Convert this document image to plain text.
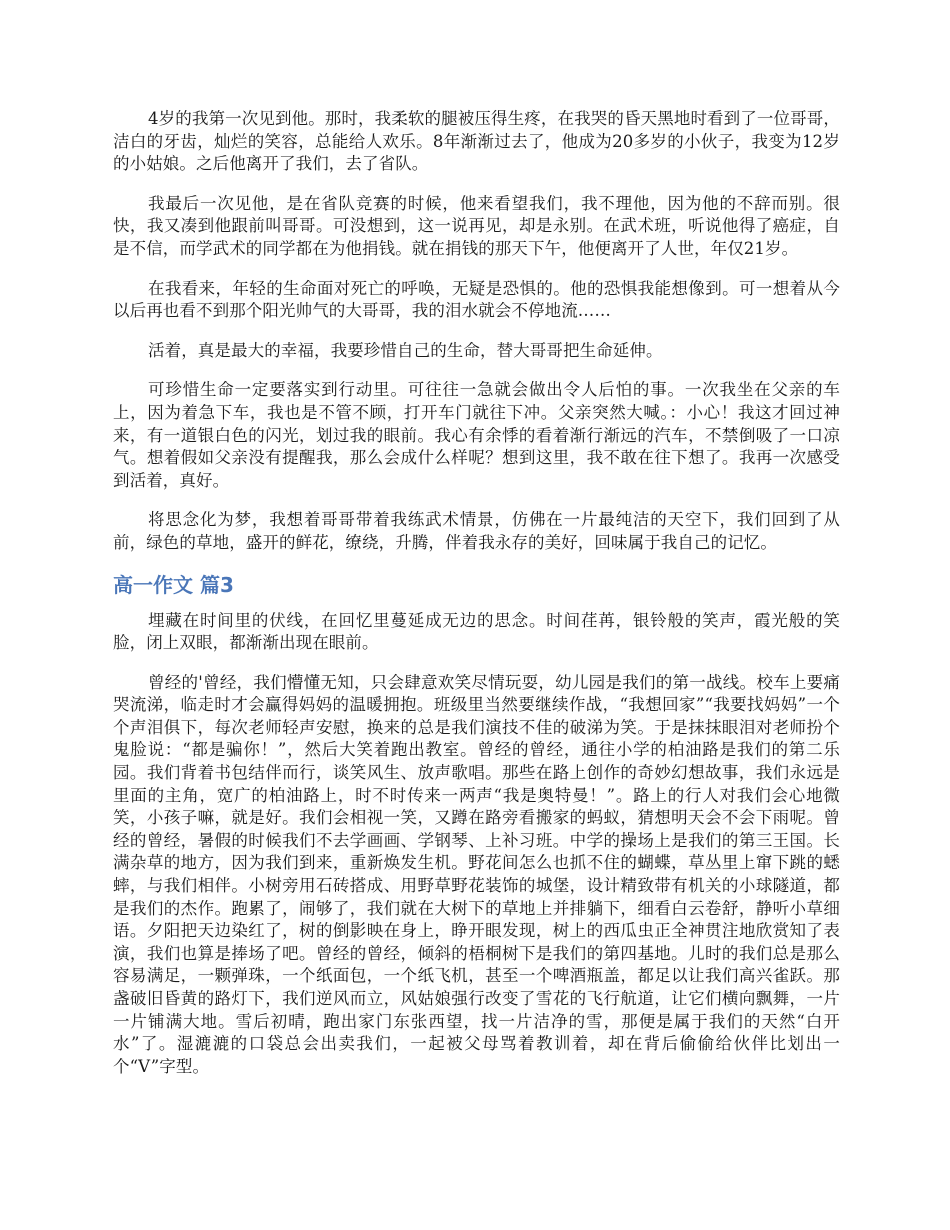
4岁的我第一次见到他。那时，我柔软的腿被压得生疼，在我哭的昏天黑地时看到了一位哥哥，洁白的牙齿，灿烂的笑容，总能给人欢乐。8年渐渐过去了，他成为20多岁的小伙子，我变为12岁的小姑娘。之后他离开了我们，去了省队。

我最后一次见他，是在省队竞赛的时候，他来看望我们，我不理他，因为他的不辞而别。很快，我又凑到他跟前叫哥哥。可没想到，这一说再见，却是永别。在武术班，听说他得了癌症，自是不信，而学武术的同学都在为他捐钱。就在捐钱的那天下午，他便离开了人世，年仅21岁。

在我看来，年轻的生命面对死亡的呼唤，无疑是恐惧的。他的恐惧我能想像到。可一想着从今以后再也看不到那个阳光帅气的大哥哥，我的泪水就会不停地流……

活着，真是最大的幸福，我要珍惜自己的生命，替大哥哥把生命延伸。

可珍惜生命一定要落实到行动里。可往往一急就会做出令人后怕的事。一次我坐在父亲的车上，因为着急下车，我也是不管不顾，打开车门就往下冲。父亲突然大喊。：小心！我这才回过神来，有一道银白色的闪光，划过我的眼前。我心有余悸的看着渐行渐远的汽车，不禁倒吸了一口凉气。想着假如父亲没有提醒我，那么会成什么样呢？想到这里，我不敢在往下想了。我再一次感受到活着，真好。

将思念化为梦，我想着哥哥带着我练武术情景，仿佛在一片最纯洁的天空下，我们回到了从前，绿色的草地，盛开的鲜花，缭绕，升腾，伴着我永存的美好，回味属于我自己的记忆。

高一作文 篇3

埋藏在时间里的伏线，在回忆里蔓延成无边的思念。时间荏苒，银铃般的笑声，霞光般的笑脸，闭上双眼，都渐渐出现在眼前。

曾经的'曾经，我们懵懂无知，只会肆意欢笑尽情玩耍，幼儿园是我们的第一战线。校车上要痛哭流涕，临走时才会赢得妈妈的温暖拥抱。班级里当然要继续作战，“我想回家”“我要找妈妈”一个个声泪俱下，每次老师轻声安慰，换来的总是我们演技不佳的破涕为笑。于是抹抹眼泪对老师扮个鬼脸说：“都是骗你！”，然后大笑着跑出教室。曾经的曾经，通往小学的柏油路是我们的第二乐园。我们背着书包结伴而行，谈笑风生、放声歌唱。那些在路上创作的奇妙幻想故事，我们永远是里面的主角，宽广的柏油路上，时不时传来一两声“我是奥特曼！”。路上的行人对我们会心地微笑，小孩子嘛，就是好。我们会相视一笑，又蹲在路旁看搬家的蚂蚁，猜想明天会不会下雨呢。曾经的曾经，暑假的时候我们不去学画画、学钢琴、上补习班。中学的操场上是我们的第三王国。长满杂草的地方，因为我们到来，重新焕发生机。野花间怎么也抓不住的蝴蝶，草丛里上窜下跳的蟋蟀，与我们相伴。小树旁用石砖搭成、用野草野花装饰的城堡，设计精致带有机关的小球隧道，都是我们的杰作。跑累了，闹够了，我们就在大树下的草地上并排躺下，细看白云卷舒，静听小草细语。夕阳把天边染红了，树的倒影映在身上，睁开眼发现，树上的西瓜虫正全神贯注地欣赏知了表演，我们也算是捧场了吧。曾经的曾经，倾斜的梧桐树下是我们的第四基地。儿时的我们总是那么容易满足，一颗弹珠，一个纸面包，一个纸飞机，甚至一个啤酒瓶盖，都足以让我们高兴雀跃。那盏破旧昏黄的路灯下，我们逆风而立，风姑娘强行改变了雪花的飞行航道，让它们横向飘舞，一片一片铺满大地。雪后初晴，跑出家门东张西望，找一片洁净的雪，那便是属于我们的天然“白开水”了。湿漉漉的口袋总会出卖我们，一起被父母骂着教训着，却在背后偷偷给伙伴比划出一个“V”字型。
